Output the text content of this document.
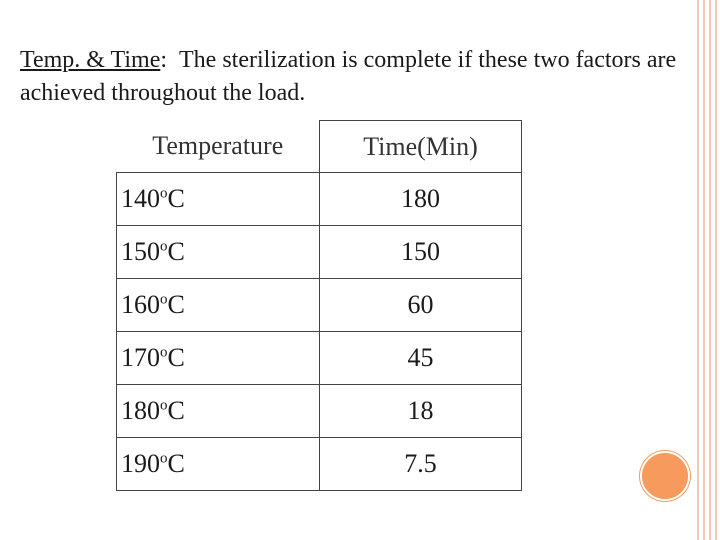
Temp. & Time: The sterilization is complete if these two factors are achieved throughout the load.
Temperature	Time(Min)
140$^o$C	180
150$^o$C	150
160$^o$C	60
170$^o$C	45
180$^o$C	18
190$^o$C	7.5
